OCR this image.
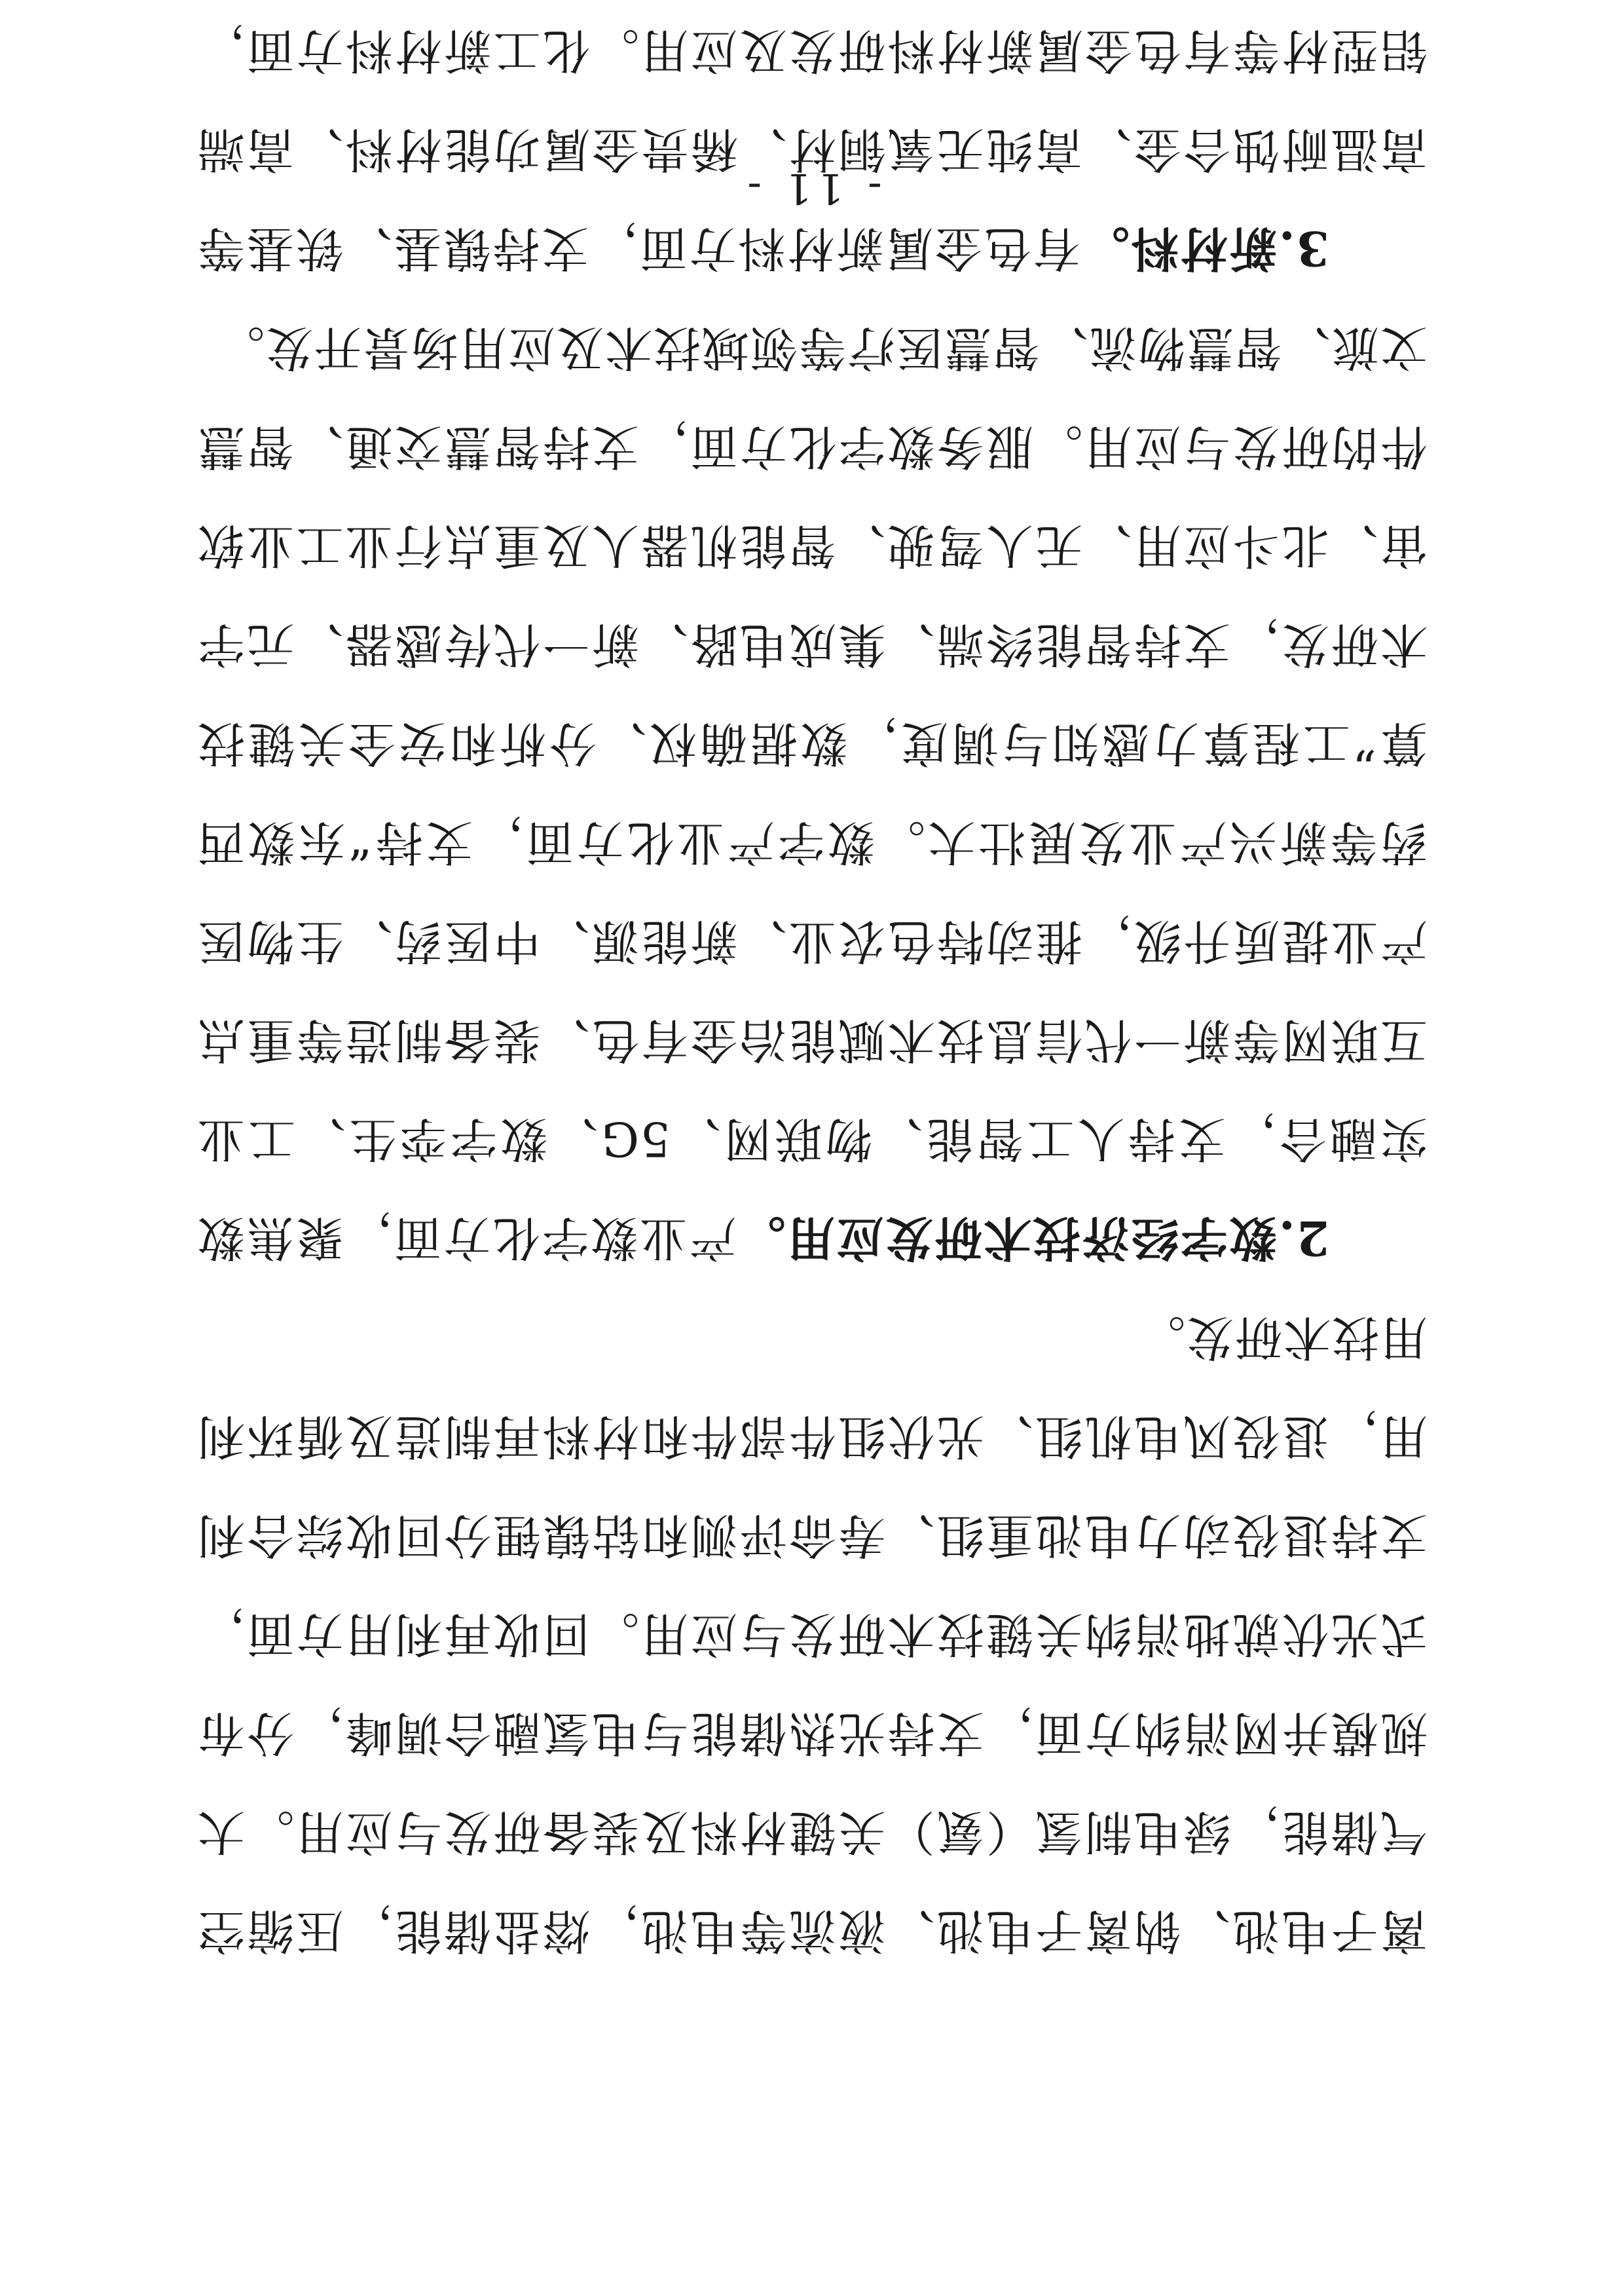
离子电池、钠离子电池、液流等电池，熔盐储能，压缩空气储能，绿电制氢（氨）关键材料及装备研发与应用。大规模并网消纳方面，支持光热储能与电氢融合调峰，分布式光伏就地消纳关键技术研发与应用。回收再利用方面，支持退役动力电池重组、寿命评测和钴镍锂分回收综合利用，退役风电机组、光伏组件部件和材料再制造及循环利用技术研发。

2.数字经济技术研发应用。产业数字化方面，聚焦数实融合，支持人工智能、物联网、5G、数字孪生、工业互联网等新一代信息技术赋能冶金有色、装备制造等重点产业提质升级，推动特色农业、新能源、中医药、生物医药等新兴产业发展壮大。数字产业化方面，支持“东数西算”工程算力感知与调度，数据确权、分析和安全关键技术研发，支持智能终端、集成电路、新一代传感器、元宇宙、北斗应用、无人驾驶、智能机器人及重点行业工业软件的研发与应用。服务数字化方面，支持智慧交通、智慧文旅、智慧物流、智慧医疗等领域技术及应用场景开发。

3.新材料。有色金属新材料方面，支持镍基、铁基等高温耐蚀合金、高纯无氧铜材、稀贵金属功能材料、高端铝型材等有色金属新材料研发及应用。化工新材料方面，

- 11 -
